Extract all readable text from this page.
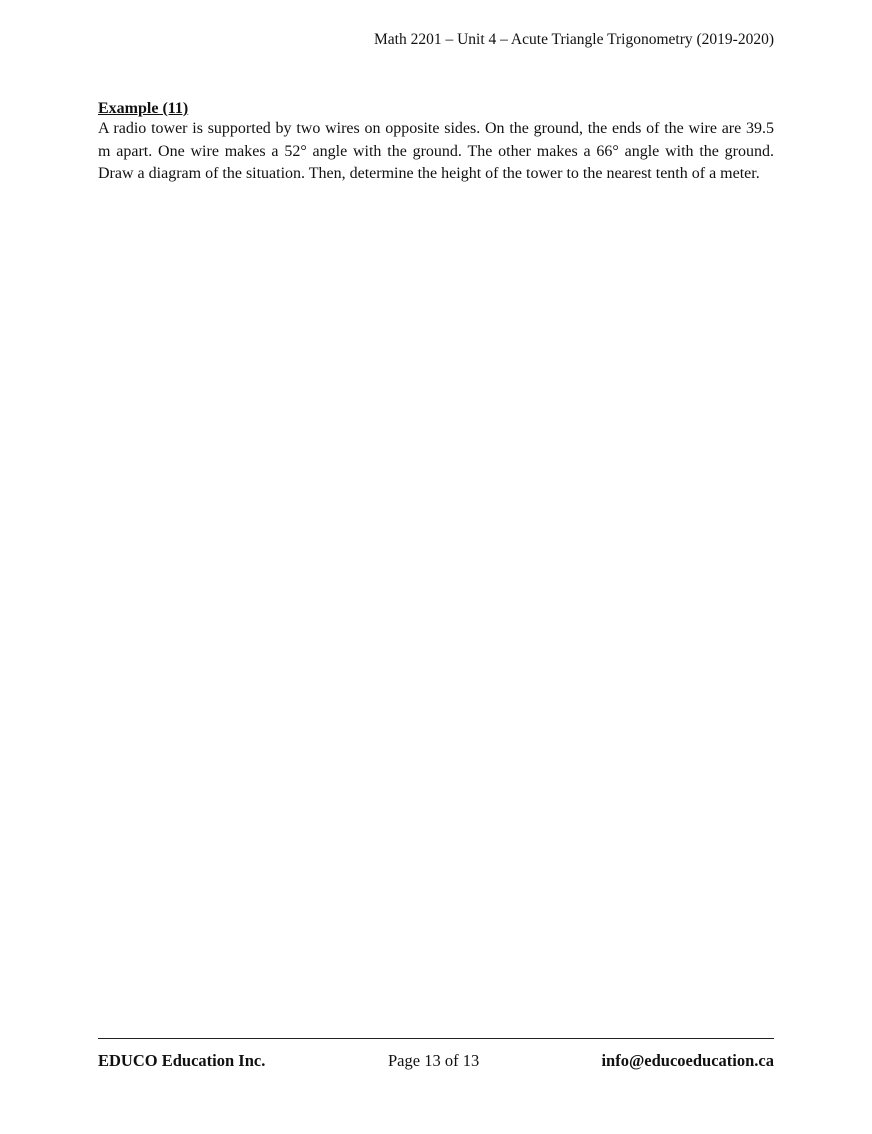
Math 2201 – Unit 4 – Acute Triangle Trigonometry (2019-2020)

Example (11)

A radio tower is supported by two wires on opposite sides. On the ground, the ends of the wire are 39.5 m apart. One wire makes a 52° angle with the ground. The other makes a 66° angle with the ground. Draw a diagram of the situation. Then, determine the height of the tower to the nearest tenth of a meter.

EDUCO Education Inc.	Page 13 of 13	info@educoeducation.ca
